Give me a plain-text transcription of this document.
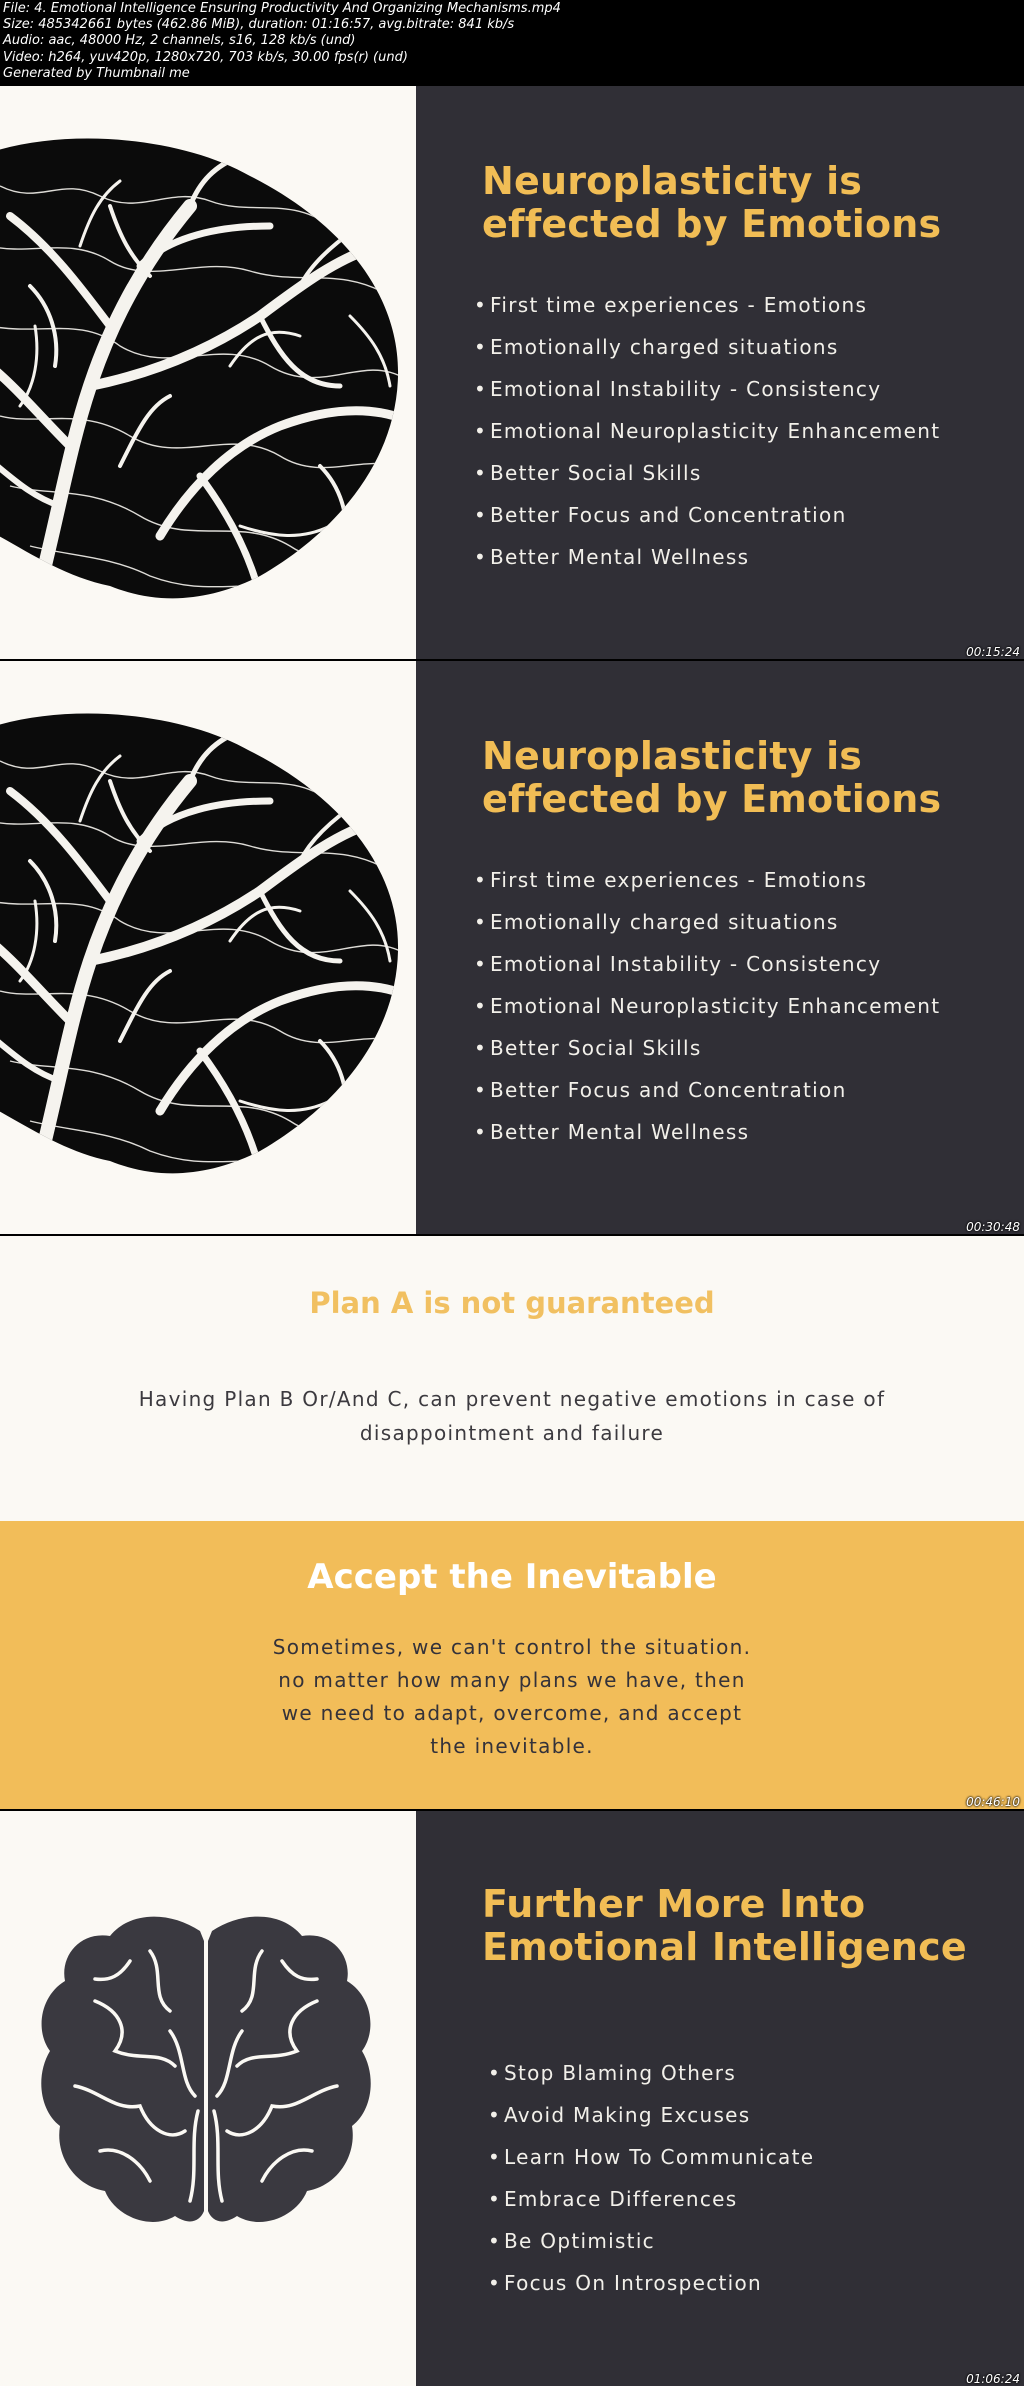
File: 4. Emotional Intelligence Ensuring Productivity And Organizing Mechanisms.mp4
Size: 485342661 bytes (462.86 MiB), duration: 01:16:57, avg.bitrate: 841 kb/s
Audio: aac, 48000 Hz, 2 channels, s16, 128 kb/s (und)
Video: h264, yuv420p, 1280x720, 703 kb/s, 30.00 fps(r) (und)
Generated by Thumbnail me
Neuroplasticity is
effected by Emotions
• First time experiences - Emotions
• Emotionally charged situations
• Emotional Instability - Consistency
• Emotional Neuroplasticity Enhancement
• Better Social Skills
• Better Focus and Concentration
• Better Mental Wellness
00:15:24
Neuroplasticity is
effected by Emotions
• First time experiences - Emotions
• Emotionally charged situations
• Emotional Instability - Consistency
• Emotional Neuroplasticity Enhancement
• Better Social Skills
• Better Focus and Concentration
• Better Mental Wellness
00:30:48
Plan A is not guaranteed

Having Plan B Or/And C, can prevent negative emotions in case of
disappointment and failure

Accept the Inevitable

Sometimes, we can't control the situation.
no matter how many plans we have, then
we need to adapt, overcome, and accept
the inevitable.

00:46:10
Further More Into
Emotional Intelligence
• Stop Blaming Others
• Avoid Making Excuses
• Learn How To Communicate
• Embrace Differences
• Be Optimistic
• Focus On Introspection
01:06:24
